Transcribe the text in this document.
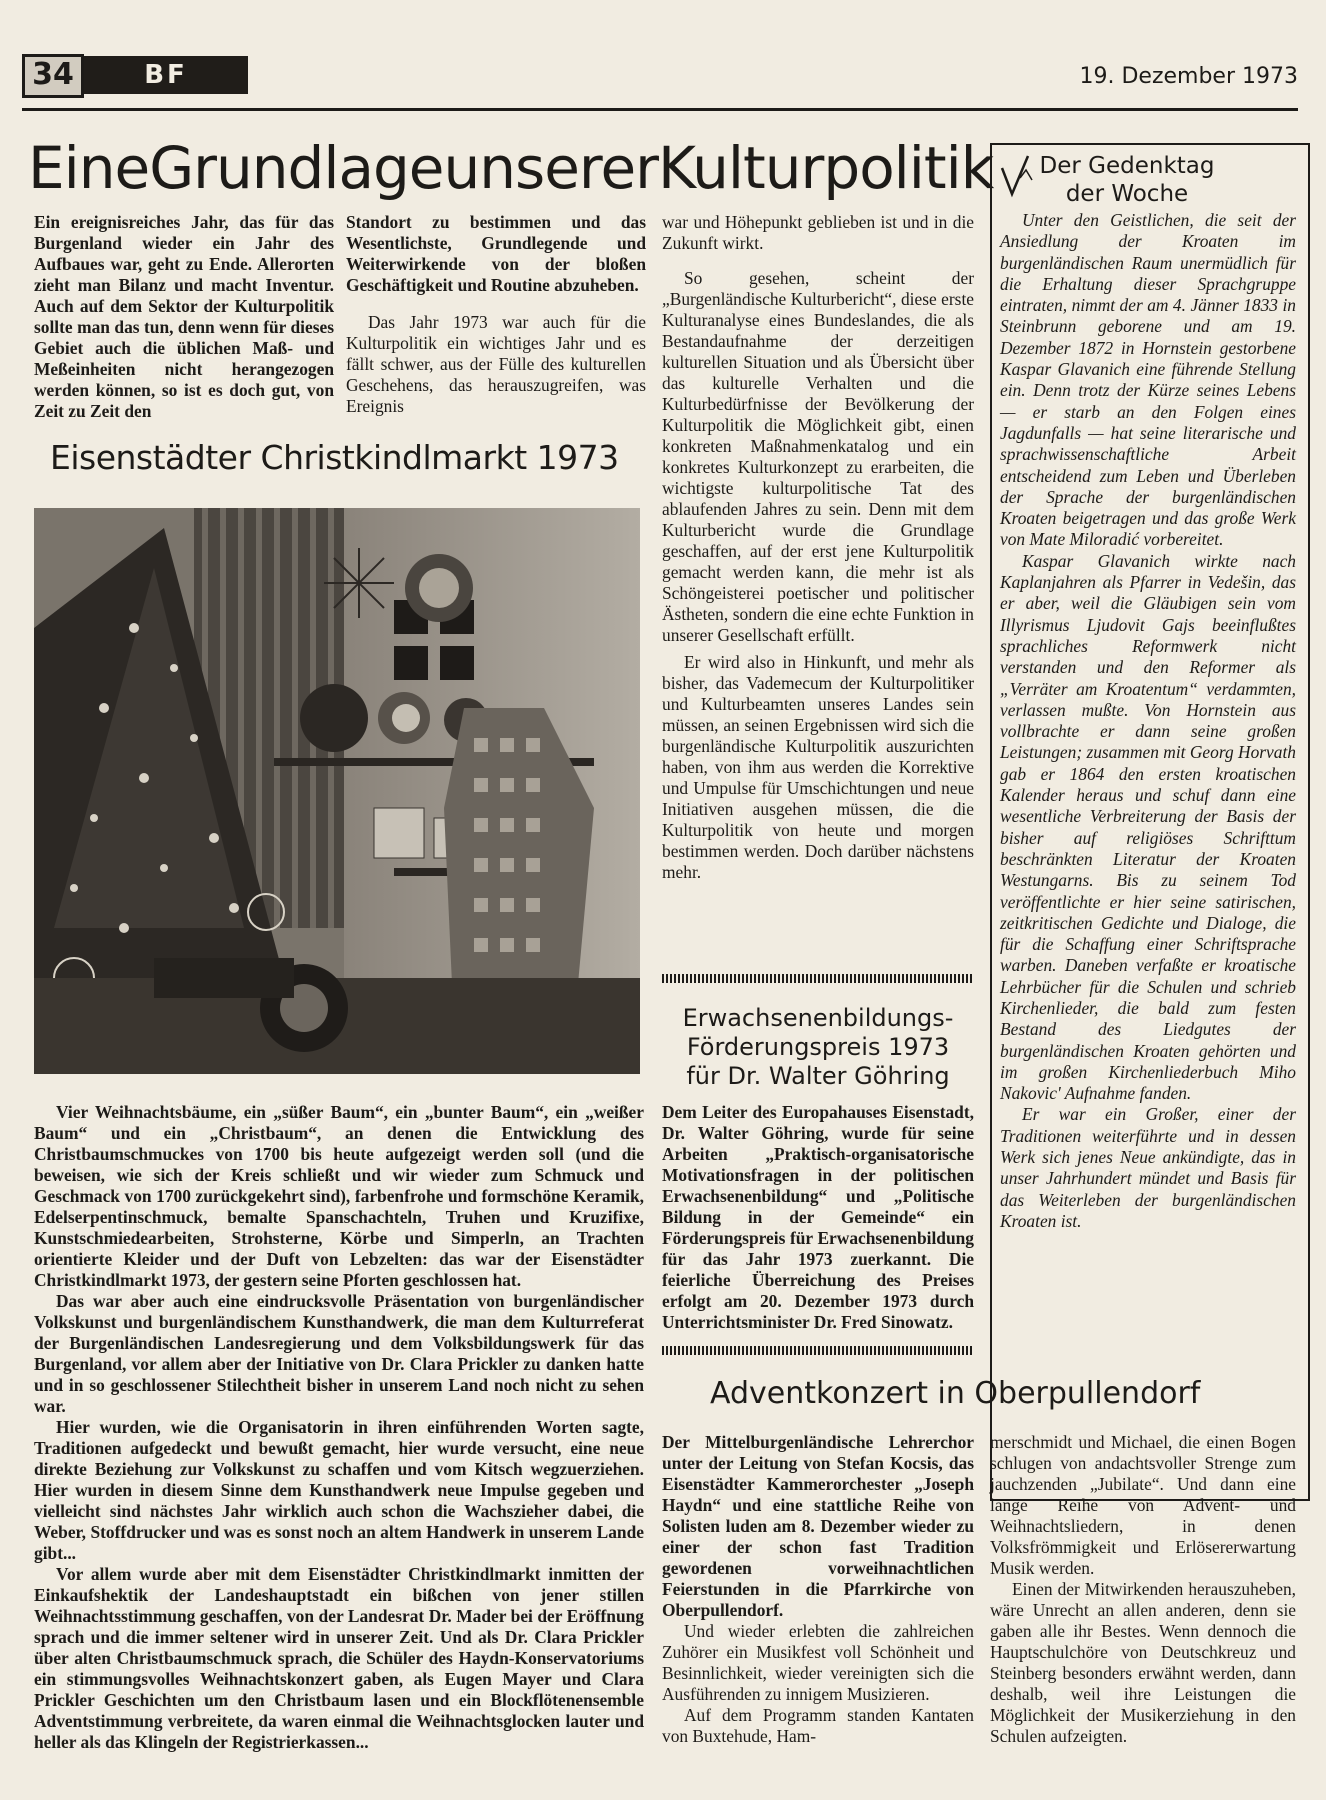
34	BF	19. Dezember 1973
EineGrundlageunsererKulturpolitik

Ein ereignisreiches Jahr, das für das Burgenland wieder ein Jahr des Aufbaues war, geht zu Ende. Allerorten zieht man Bilanz und macht Inventur. Auch auf dem Sektor der Kulturpolitik sollte man das tun, denn wenn für dieses Gebiet auch die üblichen Maß- und Meßeinheiten nicht herangezogen werden können, so ist es doch gut, von Zeit zu Zeit den

Standort zu bestimmen und das Wesentlichste, Grundlegende und Weiterwirkende von der bloßen Geschäftigkeit und Routine abzuheben.

Das Jahr 1973 war auch für die Kulturpolitik ein wichtiges Jahr und es fällt schwer, aus der Fülle des kulturellen Geschehens, das herauszugreifen, was Ereignis

war und Höhepunkt geblieben ist und in die Zukunft wirkt.

So gesehen, scheint der „Burgenländische Kulturbericht“, diese erste Kulturanalyse eines Bundeslandes, die als Bestandaufnahme der derzeitigen kulturellen Situation und als Übersicht über das kulturelle Verhalten und die Kulturbedürfnisse der Bevölkerung der Kulturpolitik die Möglichkeit gibt, einen konkreten Maßnahmenkatalog und ein konkretes Kulturkonzept zu erarbeiten, die wichtigste kulturpolitische Tat des ablaufenden Jahres zu sein. Denn mit dem Kulturbericht wurde die Grundlage geschaffen, auf der erst jene Kulturpolitik gemacht werden kann, die mehr ist als Schöngeisterei poetischer und politischer Ästheten, sondern die eine echte Funktion in unserer Gesellschaft erfüllt.

Er wird also in Hinkunft, und mehr als bisher, das Vademecum der Kulturpolitiker und Kulturbeamten unseres Landes sein müssen, an seinen Ergebnissen wird sich die burgenländische Kulturpolitik auszurichten haben, von ihm aus werden die Korrektive und Umpulse für Umschichtungen und neue Initiativen ausgehen müssen, die die Kulturpolitik von heute und morgen bestimmen werden. Doch darüber nächstens mehr.

Eisenstädter Christkindlmarkt 1973

Vier Weihnachtsbäume, ein „süßer Baum“, ein „bunter Baum“, ein „weißer Baum“ und ein „Christbaum“, an denen die Entwicklung des Christbaumschmuckes von 1700 bis heute aufgezeigt werden soll (und die beweisen, wie sich der Kreis schließt und wir wieder zum Schmuck und Geschmack von 1700 zurückgekehrt sind), farbenfrohe und formschöne Keramik, Edelserpentinschmuck, bemalte Spanschachteln, Truhen und Kruzifixe, Kunstschmiedearbeiten, Strohsterne, Körbe und Simperln, an Trachten orientierte Kleider und der Duft von Lebzelten: das war der Eisenstädter Christkindlmarkt 1973, der gestern seine Pforten geschlossen hat.

Das war aber auch eine eindrucksvolle Präsentation von burgenländischer Volkskunst und burgenländischem Kunsthandwerk, die man dem Kulturreferat der Burgenländischen Landesregierung und dem Volksbildungswerk für das Burgenland, vor allem aber der Initiative von Dr. Clara Prickler zu danken hatte und in so geschlossener Stilechtheit bisher in unserem Land noch nicht zu sehen war.

Hier wurden, wie die Organisatorin in ihren einführenden Worten sagte, Traditionen aufgedeckt und bewußt gemacht, hier wurde versucht, eine neue direkte Beziehung zur Volkskunst zu schaffen und vom Kitsch wegzuerziehen. Hier wurden in diesem Sinne dem Kunsthandwerk neue Impulse gegeben und vielleicht sind nächstes Jahr wirklich auch schon die Wachszieher dabei, die Weber, Stoffdrucker und was es sonst noch an altem Handwerk in unserem Lande gibt...

Vor allem wurde aber mit dem Eisenstädter Christkindlmarkt inmitten der Einkaufshektik der Landeshauptstadt ein bißchen von jener stillen Weihnachtsstimmung geschaffen, von der Landesrat Dr. Mader bei der Eröffnung sprach und die immer seltener wird in unserer Zeit. Und als Dr. Clara Prickler über alten Christbaumschmuck sprach, die Schüler des Haydn-Konservatoriums ein stimmungsvolles Weihnachtskonzert gaben, als Eugen Mayer und Clara Prickler Geschichten um den Christbaum lasen und ein Blockflötenensemble Adventstimmung verbreitete, da waren einmal die Weihnachtsglocken lauter und heller als das Klingeln der Registrierkassen...

Erwachsenenbildungs-
Förderungspreis 1973
für Dr. Walter Göhring

Dem Leiter des Europahauses Eisenstadt, Dr. Walter Göhring, wurde für seine Arbeiten „Praktisch-organisatorische Motivationsfragen in der politischen Erwachsenenbildung“ und „Politische Bildung in der Gemeinde“ ein Förderungspreis für Erwachsenenbildung für das Jahr 1973 zuerkannt. Die feierliche Überreichung des Preises erfolgt am 20. Dezember 1973 durch Unterrichtsminister Dr. Fred Sinowatz.

Der Gedenktag
der Woche

Unter den Geistlichen, die seit der Ansiedlung der Kroaten im burgenländischen Raum unermüdlich für die Erhaltung dieser Sprachgruppe eintraten, nimmt der am 4. Jänner 1833 in Steinbrunn geborene und am 19. Dezember 1872 in Hornstein gestorbene Kaspar Glavanich eine führende Stellung ein. Denn trotz der Kürze seines Lebens — er starb an den Folgen eines Jagdunfalls — hat seine literarische und sprachwissenschaftliche Arbeit entscheidend zum Leben und Überleben der Sprache der burgenländischen Kroaten beigetragen und das große Werk von Mate Miloradić vorbereitet.

Kaspar Glavanich wirkte nach Kaplanjahren als Pfarrer in Vedešin, das er aber, weil die Gläubigen sein vom Illyrismus Ljudovit Gajs beeinflußtes sprachliches Reformwerk nicht verstanden und den Reformer als „Verräter am Kroatentum“ verdammten, verlassen mußte. Von Hornstein aus vollbrachte er dann seine großen Leistungen; zusammen mit Georg Horvath gab er 1864 den ersten kroatischen Kalender heraus und schuf dann eine wesentliche Verbreiterung der Basis der bisher auf religiöses Schrifttum beschränkten Literatur der Kroaten Westungarns. Bis zu seinem Tod veröffentlichte er hier seine satirischen, zeitkritischen Gedichte und Dialoge, die für die Schaffung einer Schriftsprache warben. Daneben verfaßte er kroatische Lehrbücher für die Schulen und schrieb Kirchenlieder, die bald zum festen Bestand des Liedgutes der burgenländischen Kroaten gehörten und im großen Kirchenliederbuch Miho Nakovic' Aufnahme fanden.

Er war ein Großer, einer der Traditionen weiterführte und in dessen Werk sich jenes Neue ankündigte, das in unser Jahrhundert mündet und Basis für das Weiterleben der burgenländischen Kroaten ist.

Adventkonzert in Oberpullendorf

Der Mittelburgenländische Lehrerchor unter der Leitung von Stefan Kocsis, das Eisenstädter Kammerorchester „Joseph Haydn“ und eine stattliche Reihe von Solisten luden am 8. Dezember wieder zu einer der schon fast Tradition gewordenen vorweihnachtlichen Feierstunden in die Pfarrkirche von Oberpullendorf.

Und wieder erlebten die zahlreichen Zuhörer ein Musikfest voll Schönheit und Besinnlichkeit, wieder vereinigten sich die Ausführenden zu innigem Musizieren.

Auf dem Programm standen Kantaten von Buxtehude, Ham-

merschmidt und Michael, die einen Bogen schlugen von andachtsvoller Strenge zum jauchzenden „Jubilate“. Und dann eine lange Reihe von Advent- und Weihnachtsliedern, in denen Volksfrömmigkeit und Erlösererwartung Musik werden.

Einen der Mitwirkenden herauszuheben, wäre Unrecht an allen anderen, denn sie gaben alle ihr Bestes. Wenn dennoch die Hauptschulchöre von Deutschkreuz und Steinberg besonders erwähnt werden, dann deshalb, weil ihre Leistungen die Möglichkeit der Musikerziehung in den Schulen aufzeigten.
